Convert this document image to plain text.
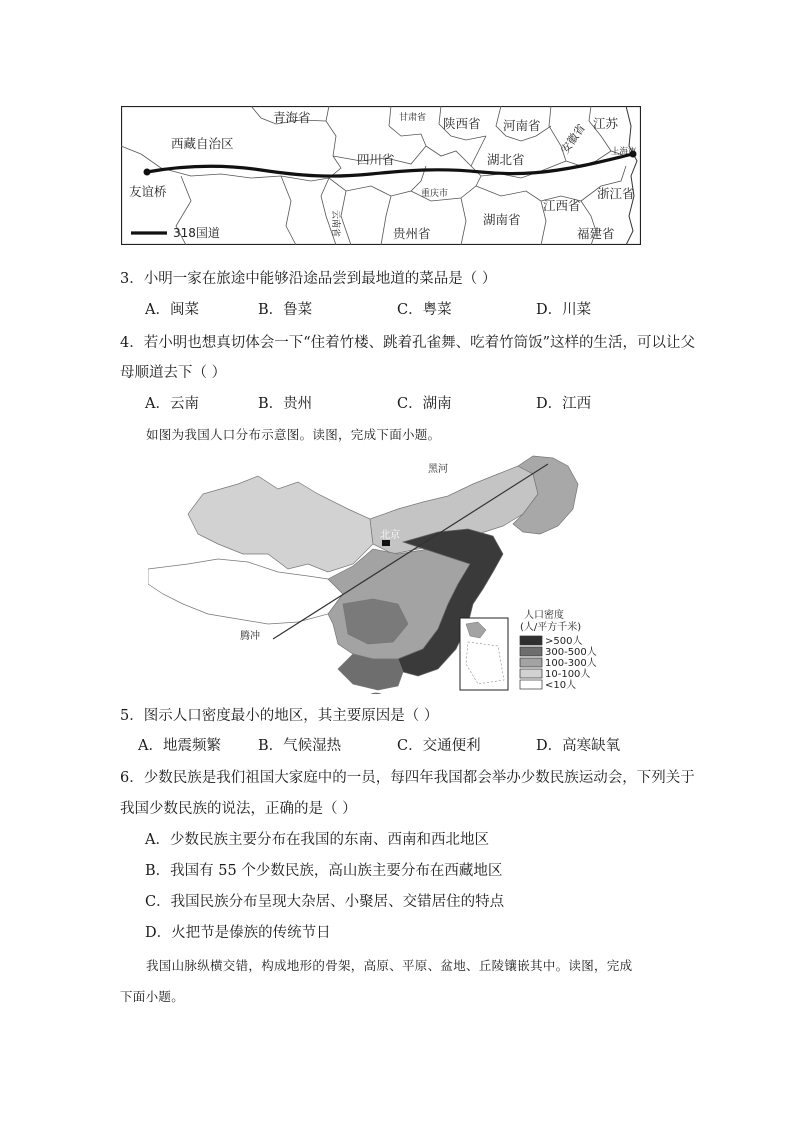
青海省	甘肃省 陕西省 河南省	江苏
西藏自治区
四川省	湖北省
安徽省	上海市
重庆市
云南省	贵州省
湖南省
江西省
浙江省
福建省
友谊桥
318国道
3．小明一家在旅途中能够沿途品尝到最地道的菜品是（ ）
A．闽菜	B．鲁菜	C．粤菜	D．川菜
4．若小明也想真切体会一下“住着竹楼、跳着孔雀舞、吃着竹筒饭”这样的生活，可以让父
母顺道去下（ ）
A．云南	B．贵州	C．湖南	D．江西
如图为我国人口分布示意图。读图，完成下面小题。
黑河
北京
腾冲
人口密度
(人/平方千米)
>500人
300-500人
100-300人
10-100人
<10人
5．图示人口密度最小的地区，其主要原因是（ ）
A．地震频繁	B．气候湿热	C．交通便利	D．高寒缺氧
6．少数民族是我们祖国大家庭中的一员，每四年我国都会举办少数民族运动会，下列关于
我国少数民族的说法，正确的是（ ）
A．少数民族主要分布在我国的东南、西南和西北地区
B．我国有 55 个少数民族，高山族主要分布在西藏地区
C．我国民族分布呈现大杂居、小聚居、交错居住的特点
D．火把节是傣族的传统节日
我国山脉纵横交错，构成地形的骨架，高原、平原、盆地、丘陵镶嵌其中。读图，完成
下面小题。
